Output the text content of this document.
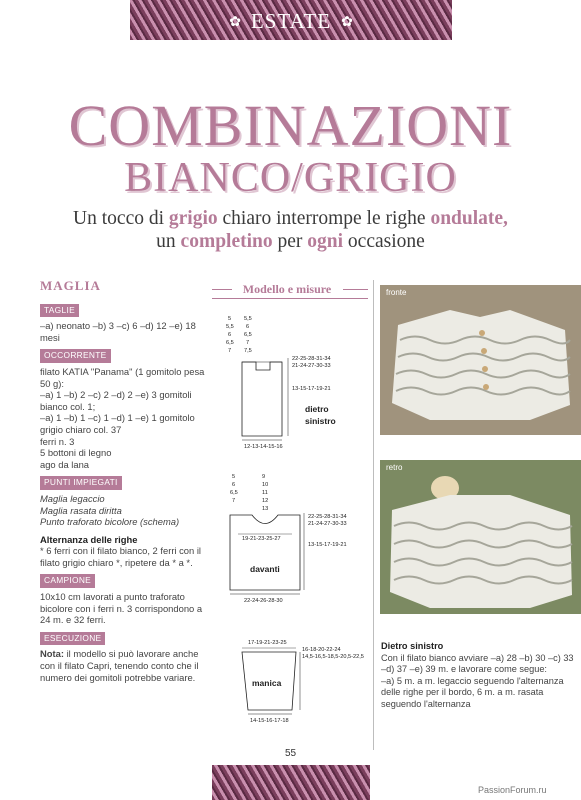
✿ ESTATE ✿
COMBINAZIONI
BIANCO/GRIGIO
Un tocco di grigio chiaro interrompe le righe ondulate,
un completino per ogni occasione
MAGLIA
TAGLIE

–a) neonato –b) 3 –c) 6 –d) 12 –e) 18 mesi

OCCORRENTE

filato KATIA "Panama" (1 gomitolo pesa 50 g):

–a) 1 –b) 2 –c) 2 –d) 2 –e) 3 gomitoli bianco col. 1;

–a) 1 –b) 1 –c) 1 –d) 1 –e) 1 gomitolo grigio chiaro col. 37

ferri n. 3

5 bottoni di legno

ago da lana

PUNTI IMPIEGATI

Maglia legaccio

Maglia rasata diritta

Punto traforato bicolore (schema)

Alternanza delle righe

* 6 ferri con il filato bianco, 2 ferri con il filato grigio chiaro *, ripetere da * a *.

CAMPIONE

10x10 cm lavorati a punto traforato bicolore con i ferri n. 3 corrispondono a 24 m. e 32 ferri.

ESECUZIONE

Nota: il modello si può lavorare anche con il filato Capri, tenendo conto che il numero dei gomitoli potrebbe variare.

Modello e misure
5
5,5
6
6,5
7
5,5
6
6,5
7
7,5
22-25-28-31-34
21-24-27-30-33
13-15-17-19-21
dietro
sinistro
12-13-14-15-16
5
6
6,5
7
9
10
11
12
13
22-25-28-31-34
21-24-27-30-33
13-15-17-19-21
19-21-23-25-27
davanti
22-24-26-28-30
17-19-21-23-25
16-18-20-22-24
14,5-16,5-18,5-20,5-22,5
manica
14-15-16-17-18
fronte
retro

Dietro sinistro

Con il filato bianco avviare –a) 28 –b) 30 –c) 33 –d) 37 –e) 39 m. e lavorare come segue:

–a) 5 m. a m. legaccio seguendo l'alternanza delle righe per il bordo, 6 m. a m. rasata seguendo l'alternanza

55
PassionForum.ru
